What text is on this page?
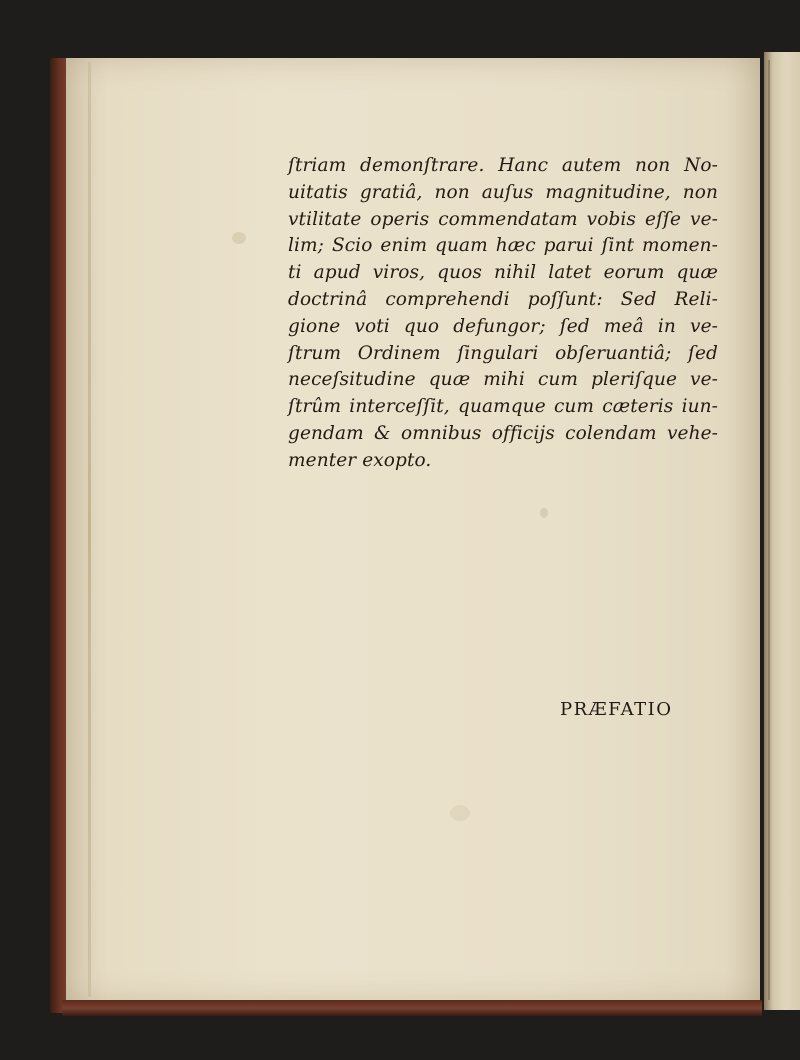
ſtriam demonſtrare. Hanc autem non No-
uitatis gratiâ, non auſus magnitudine, non
vtilitate operis commendatam vobis eſſe ve-
lim; Scio enim quam hæc parui ſint momen-
ti apud viros, quos nihil latet eorum quæ
doctrinâ comprehendi poſſunt: Sed Reli-
gione voti quo defungor; ſed meâ in ve-
ſtrum Ordinem ſingulari obſeruantiâ; ſed
neceſsitudine quæ mihi cum pleriſque ve-
ſtrûm interceſſit, quamque cum cæteris iun-
gendam & omnibus officijs colendam vehe-
menter exopto.

PRÆFATIO
